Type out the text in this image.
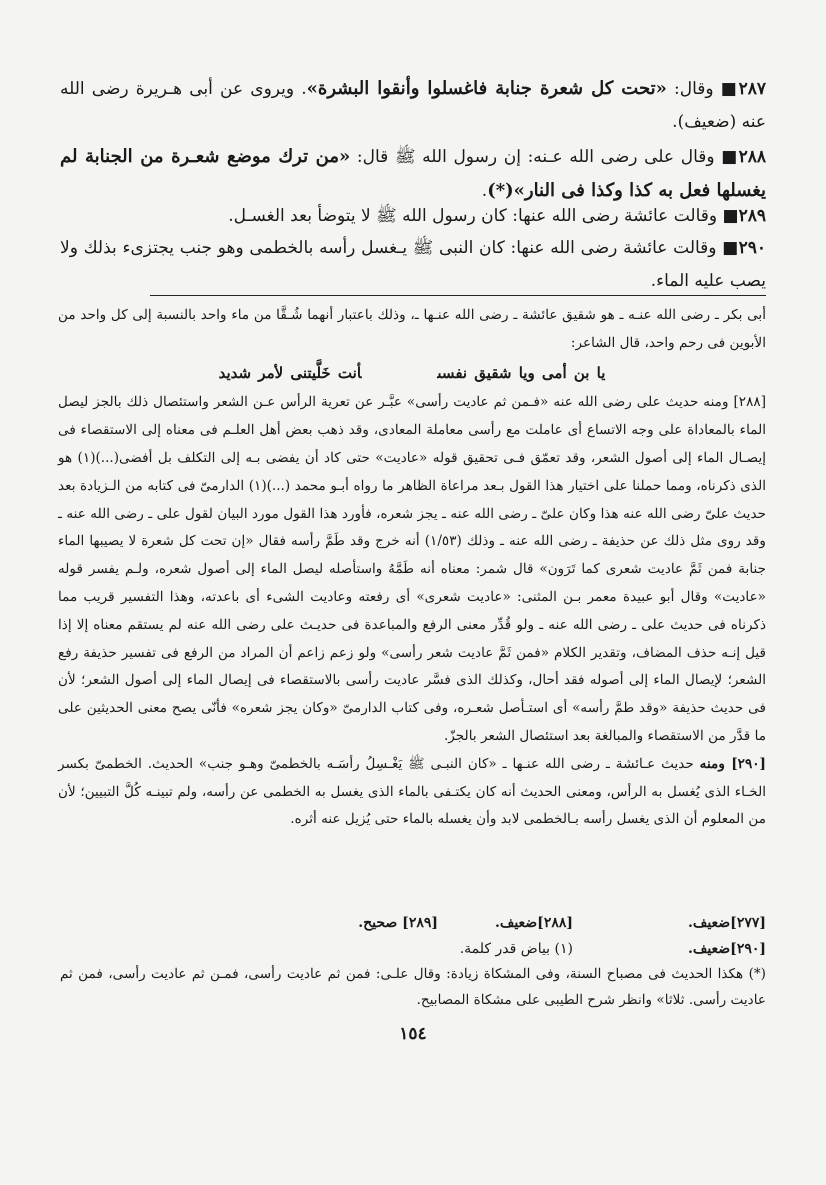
٢٨٧■ وقال: «تحت كل شعرة جنابة فاغسلوا وأنقوا البشرة». ويروى عن أبى هـريرة رضى الله عنه (ضعيف).
٢٨٨■ وقال على رضى الله عـنه: إن رسول الله ﷺ قال: «من ترك موضع شعـرة من الجنابة لم يغسلها فعل به كذا وكذا فى النار»(*).
٢٨٩■ وقالت عائشة رضى الله عنها: كان رسول الله ﷺ لا يتوضأ بعد الغسـل.
٢٩٠■ وقالت عائشة رضى الله عنها: كان النبى ﷺ يـغسل رأسه بالخطمى وهو جنب يجتزىء بذلك ولا يصب عليه الماء.

أبى بكر ـ رضى الله عنـه ـ هو شقيق عائشة ـ رضى الله عنـها ـ، وذلك باعتبار أنهما شُـقَّا من ماء واحد بالنسبة إلى كل واحد من الأبوين فى رحم واحد، قال الشاعر:

يا بن أمى ويا شقيق نفسىأنت خَلَّيتنى لأمر شديد

[٢٨٨] ومنه حديث على رضى الله عنه «فـمن ثم عاديت رأسى» عبَّـر عن تعرية الرأس عـن الشعر واستئصال ذلك بالجز ليصل الماء بالمعاداة على وجه الاتساع أى عاملت مع رأسى معاملة المعادى، وقد ذهب بعض أهل العلـم فى معناه إلى الاستقصاء فى إيصـال الماء إلى أصول الشعر، وقد تعمّق فـى تحقيق قوله «عاديت» حتى كاد أن يفضى بـه إلى التكلف بل أفضى(...)(١) هو الذى ذكرناه، ومما حملنا على اختيار هذا القول بـعد مراعاة الظاهر ما رواه أبـو محمد (...)(١) الدارمىّ فى كتابه من الـزيادة بعد حديث علىّ رضى الله عنه هذا وكان علىّ ـ رضى الله عنه ـ يجز شعره، فأورد هذا القول مورد البيان لقول على ـ رضى الله عنه ـ وقد روى مثل ذلك عن حذيفة ـ رضى الله عنه ـ وذلك (١/٥٣) أنه خرج وقد طَمَّ رأسه فقال «إن تحت كل شعرة لا يصيبها الماء جنابة فمن ثَمَّ عاديت شعرى كما تَرَون» قال شمر: معناه أنه طَمَّهُ واستأصله ليصل الماء إلى أصول شعره، ولـم يفسر قوله «عاديت» وقال أبو عبيدة معمر بـن المثنى: «عاديت شعرى» أى رفعته وعاديت الشىء أى باعدته، وهذا التفسير قريب مما ذكرناه فى حديث على ـ رضى الله عنه ـ ولو قُدِّر معنى الرفع والمباعدة فى حديـث على رضى الله عنه لم يستقم معناه إلا إذا قيل إنـه حذف المضاف، وتقدير الكلام «فمن ثَمَّ عاديت شعر رأسى» ولو زعم زاعم أن المراد من الرفع فى تفسير حذيفة رفع الشعر؛ لإيصال الماء إلى أصوله فقد أحال، وكذلك الذى فسَّر عاديت رأسى بالاستقصاء فى إيصال الماء إلى أصول الشعر؛ لأن فى حديث حذيفة «وقد طمَّ رأسه» أى استـأصل شعـره، وفى كتاب الدارمىّ «وكان يجز شعره» فأنّى يصح معنى الحديثين على ما قدَّر من الاستقصاء والمبالغة بعد استئصال الشعر بالجزّ.

[٢٩٠] ومنه حديث عـائشة ـ رضى الله عنـها ـ «كان النبـى ﷺ يَغْـسِلُ رأسَـه بالخطمىّ وهـو جنب» الحديث. الخطمىّ بكسر الخـاء الذى يُغسل به الرأس، ومعنى الحديث أنه كان يكتـفى بالماء الذى يغسل به الخطمى عن رأسه، ولم تبينـه كُلَّ التبيين؛ لأن من المعلوم أن الذى يغسل رأسه بـالخطمى لابد وأن يغسله بالماء حتى يُزيل عنه أثره.

[٢٧٧]ضعيف.
[٢٨٨]ضعيف.
[٢٨٩] صحيح.
[٢٩٠]ضعيف.
(١) بياض قدر كلمة.

(*) هكذا الحديث فى مصباح السنة، وفى المشكاة زيادة: وقال علـى: فمن ثم عاديت رأسى، فمـن ثم عاديت رأسى، فمن ثم عاديت رأسى. ثلاثا» وانظر شرح الطيبى على مشكاة المصابيح.

١٥٤
